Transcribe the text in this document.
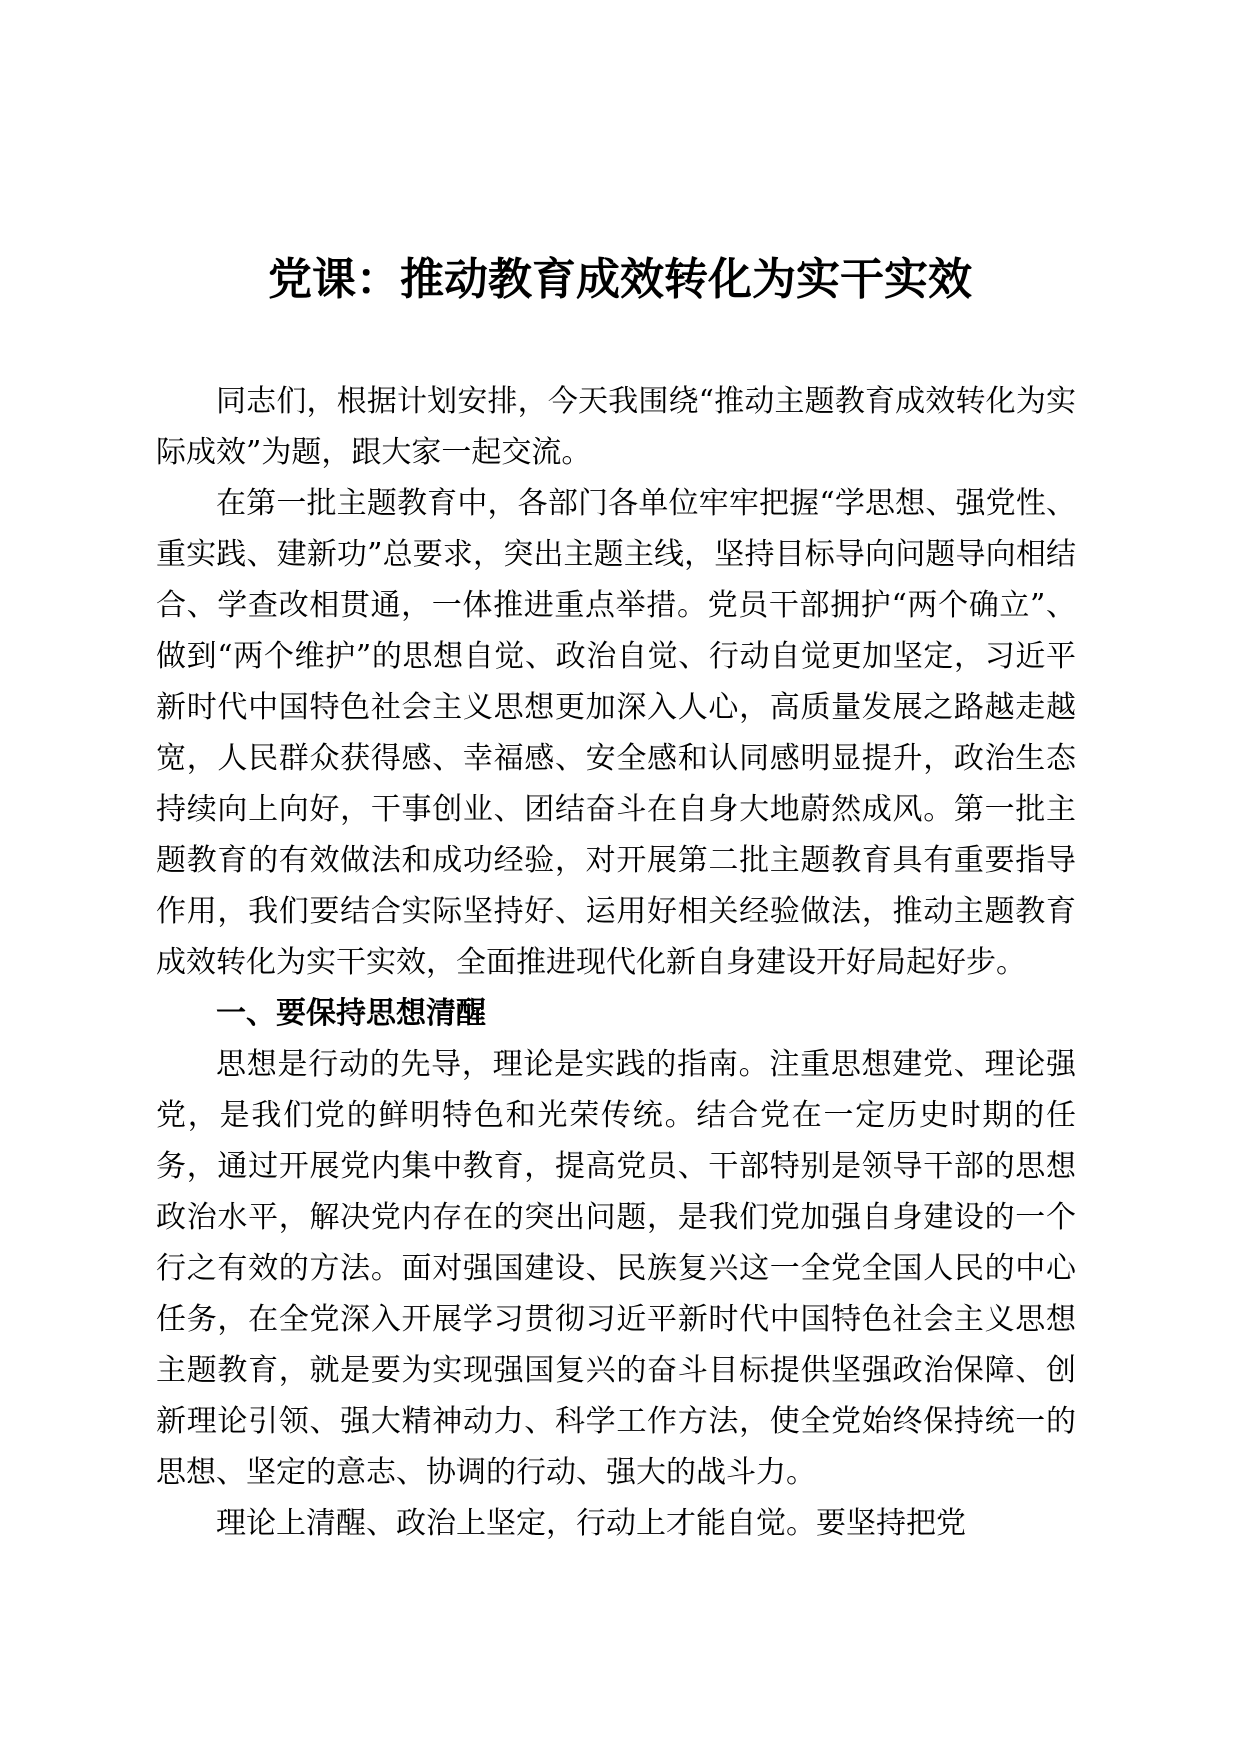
党课：推动教育成效转化为实干实效

同志们，根据计划安排，今天我围绕“推动主题教育成效转化为实际成效”为题，跟大家一起交流。

在第一批主题教育中，各部门各单位牢牢把握“学思想、强党性、重实践、建新功”总要求，突出主题主线，坚持目标导向问题导向相结合、学查改相贯通，一体推进重点举措。党员干部拥护“两个确立”、做到“两个维护”的思想自觉、政治自觉、行动自觉更加坚定，习近平新时代中国特色社会主义思想更加深入人心，高质量发展之路越走越宽，人民群众获得感、幸福感、安全感和认同感明显提升，政治生态持续向上向好，干事创业、团结奋斗在自身大地蔚然成风。第一批主题教育的有效做法和成功经验，对开展第二批主题教育具有重要指导作用，我们要结合实际坚持好、运用好相关经验做法，推动主题教育成效转化为实干实效，全面推进现代化新自身建设开好局起好步。

一、要保持思想清醒

思想是行动的先导，理论是实践的指南。注重思想建党、理论强党，是我们党的鲜明特色和光荣传统。结合党在一定历史时期的任务，通过开展党内集中教育，提高党员、干部特别是领导干部的思想政治水平，解决党内存在的突出问题，是我们党加强自身建设的一个行之有效的方法。面对强国建设、民族复兴这一全党全国人民的中心任务，在全党深入开展学习贯彻习近平新时代中国特色社会主义思想主题教育，就是要为实现强国复兴的奋斗目标提供坚强政治保障、创新理论引领、强大精神动力、科学工作方法，使全党始终保持统一的思想、坚定的意志、协调的行动、强大的战斗力。

理论上清醒、政治上坚定，行动上才能自觉。要坚持把党
